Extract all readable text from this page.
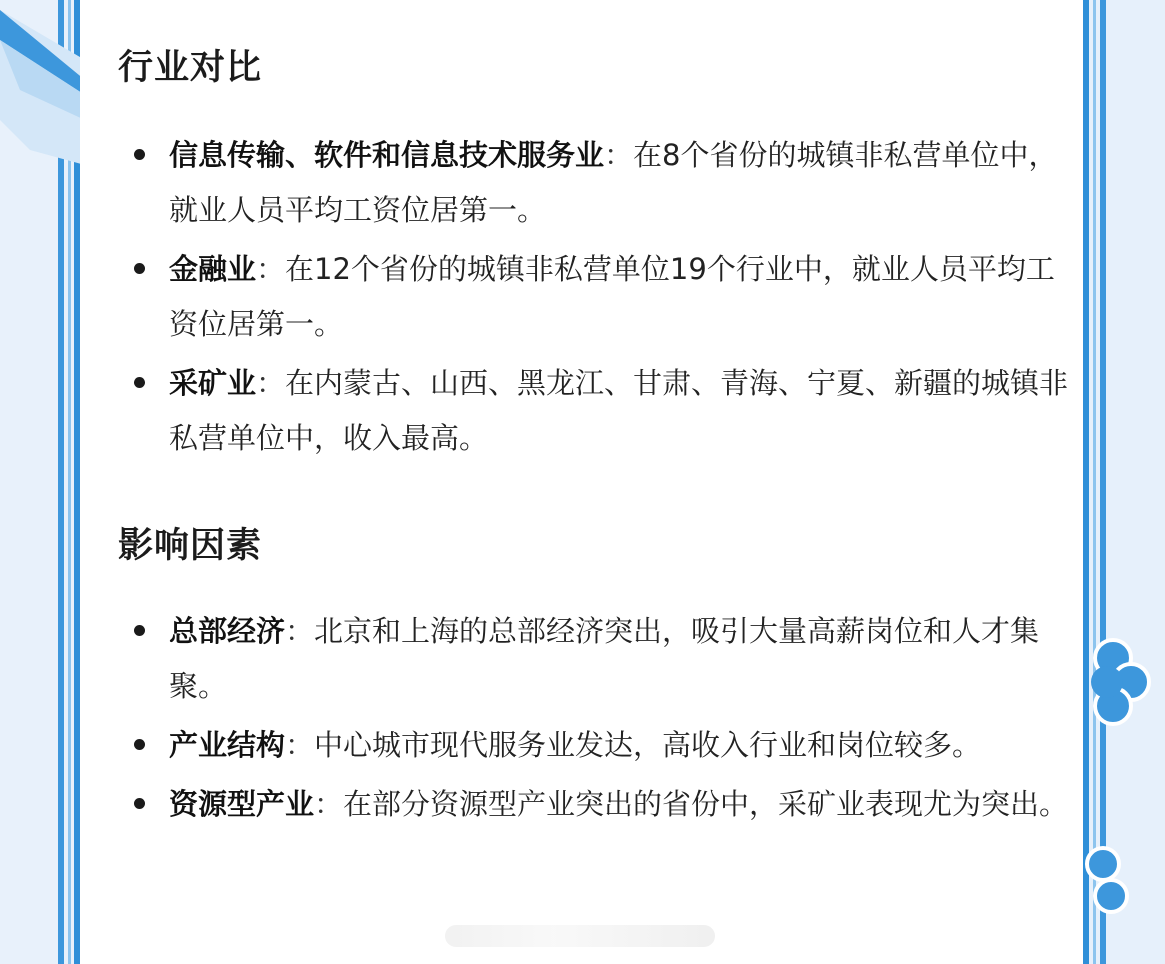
行业对比
信息传输、软件和信息技术服务业：在8个省份的城镇非私营单位中，就业人员平均工资位居第一。
金融业：在12个省份的城镇非私营单位19个行业中，就业人员平均工资位居第一。
采矿业：在内蒙古、山西、黑龙江、甘肃、青海、宁夏、新疆的城镇非私营单位中，收入最高。
影响因素
总部经济：北京和上海的总部经济突出，吸引大量高薪岗位和人才集聚。
产业结构：中心城市现代服务业发达，高收入行业和岗位较多。
资源型产业：在部分资源型产业突出的省份中，采矿业表现尤为突出。
